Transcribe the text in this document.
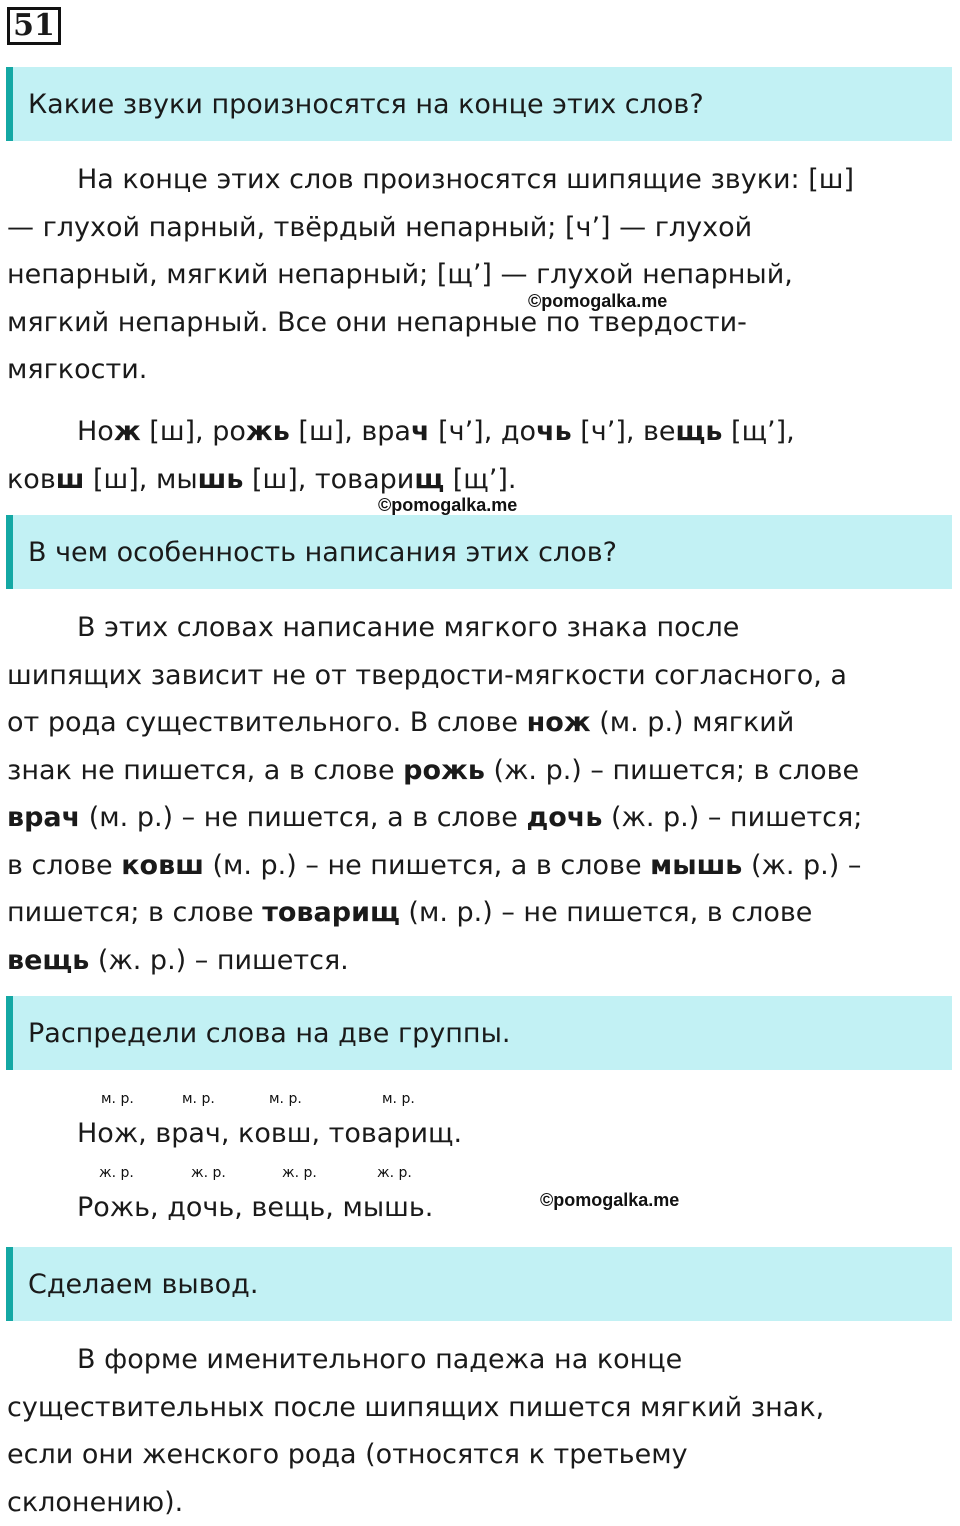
51
Какие звуки произносятся на конце этих слов?

На конце этих слов произносятся шипящие звуки: [ш]
— глухой парный, твёрдый непарный; [ч’] — глухой
непарный, мягкий непарный; [щ’] — глухой непарный,
мягкий непарный. Все они непарные по твердости-
мягкости.

©pomogalka.me

Нож [ш], рожь [ш], врач [ч’], дочь [ч’], вещь [щ’],
ковш [ш], мышь [ш], товарищ [щ’].

©pomogalka.me
В чем особенность написания этих слов?

В этих словах написание мягкого знака после
шипящих зависит не от твердости-мягкости согласного, а
от рода существительного. В слове нож (м. р.) мягкий
знак не пишется, а в слове рожь (ж. р.) – пишется; в слове
врач (м. р.) – не пишется, а в слове дочь (ж. р.) – пишется;
в слове ковш (м. р.) – не пишется, а в слове мышь (ж. р.) –
пишется; в слове товарищ (м. р.) – не пишется, в слове
вещь (ж. р.) – пишется.

Распредели слова на две группы.
м. р.	м. р.	м. р.	м. р.
Нож, врач, ковш, товарищ.
ж. р.	ж. р.	ж. р.	ж. р.
Рожь, дочь, вещь, мышь.	©pomogalka.me
Сделаем вывод.

В форме именительного падежа на конце
существительных после шипящих пишется мягкий знак,
если они женского рода (относятся к третьему
склонению).
